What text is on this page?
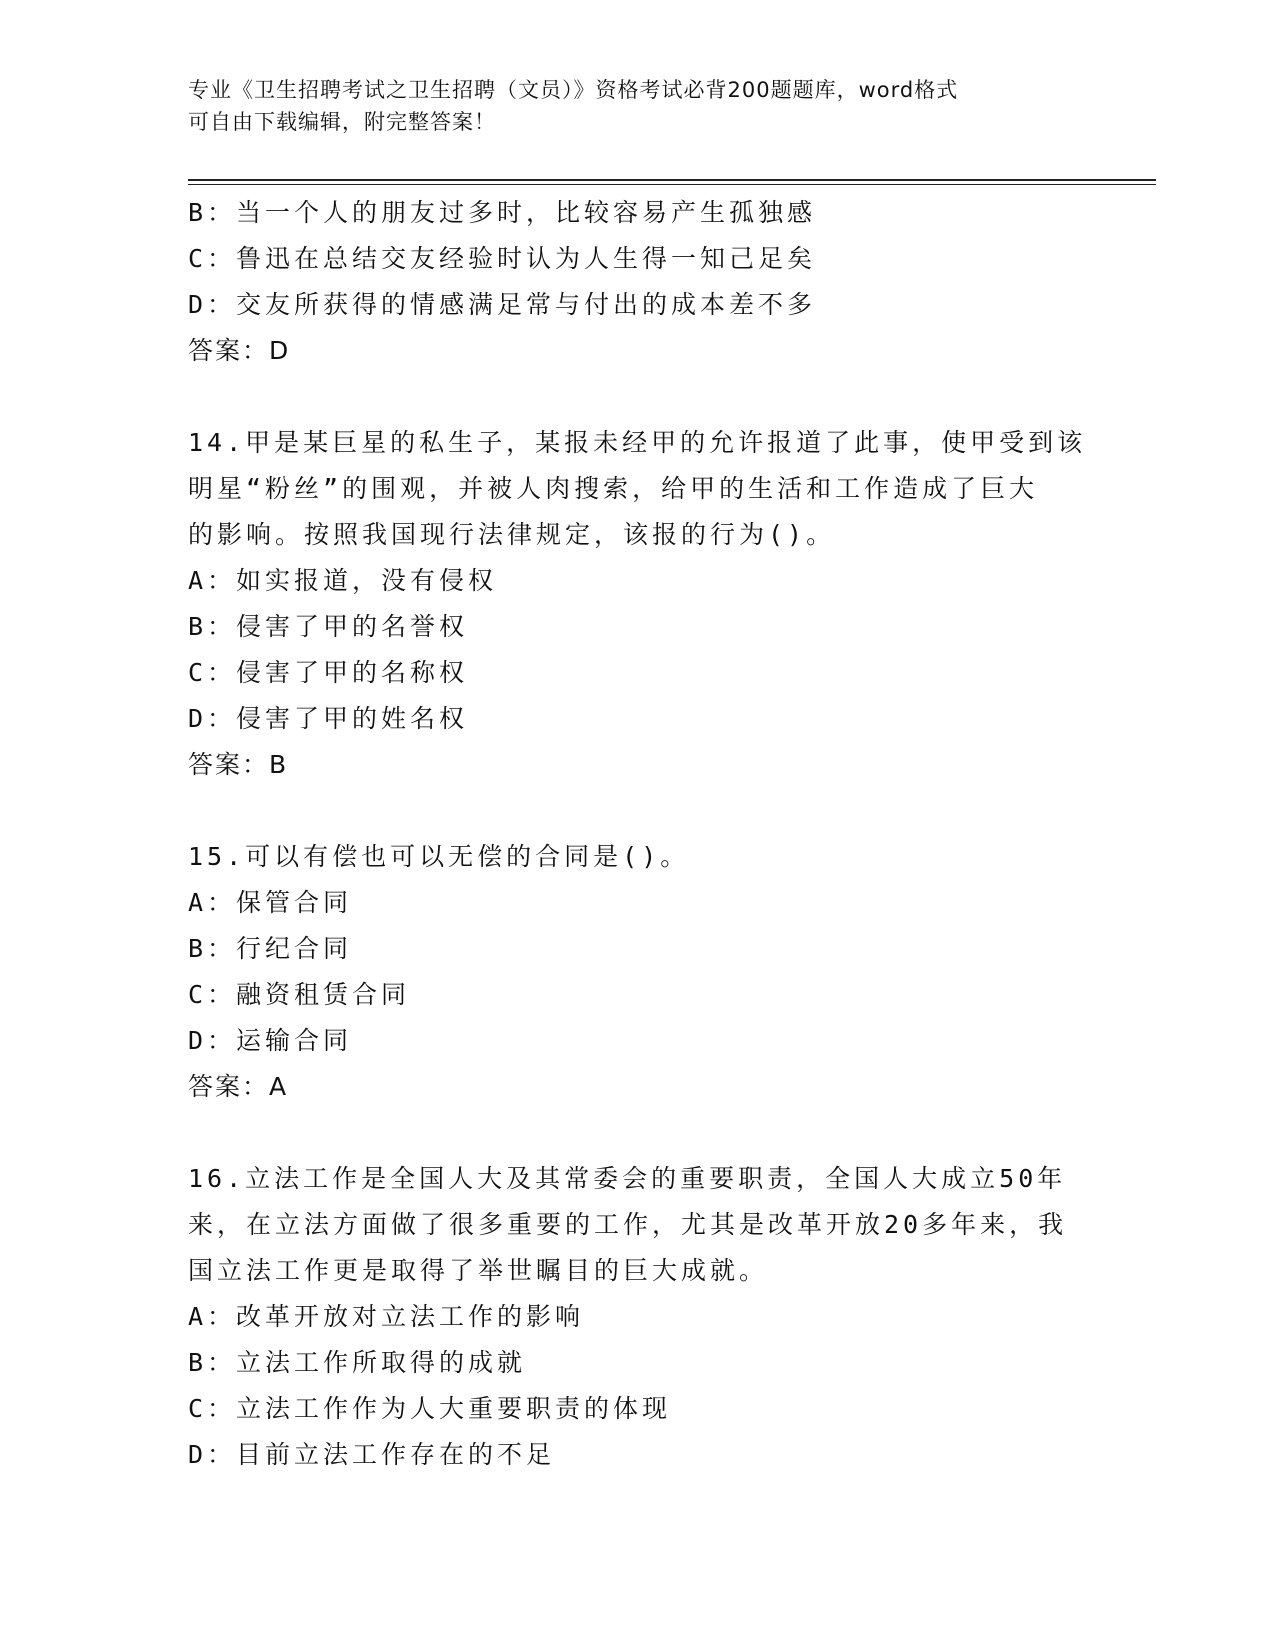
专业《卫生招聘考试之卫生招聘（文员）》资格考试必背200题题库，word格式
可自由下载编辑，附完整答案！
B：当一个人的朋友过多时，比较容易产生孤独感
C：鲁迅在总结交友经验时认为人生得一知己足矣
D：交友所获得的情感满足常与付出的成本差不多
答案：D
14.甲是某巨星的私生子，某报未经甲的允许报道了此事，使甲受到该
明星“粉丝”的围观，并被人肉搜索，给甲的生活和工作造成了巨大
的影响。按照我国现行法律规定，该报的行为()。
A：如实报道，没有侵权
B：侵害了甲的名誉权
C：侵害了甲的名称权
D：侵害了甲的姓名权
答案：B
15.可以有偿也可以无偿的合同是()。
A：保管合同
B：行纪合同
C：融资租赁合同
D：运输合同
答案：A
16.立法工作是全国人大及其常委会的重要职责，全国人大成立50年
来，在立法方面做了很多重要的工作，尤其是改革开放20多年来，我
国立法工作更是取得了举世瞩目的巨大成就。
A：改革开放对立法工作的影响
B：立法工作所取得的成就
C：立法工作作为人大重要职责的体现
D：目前立法工作存在的不足
